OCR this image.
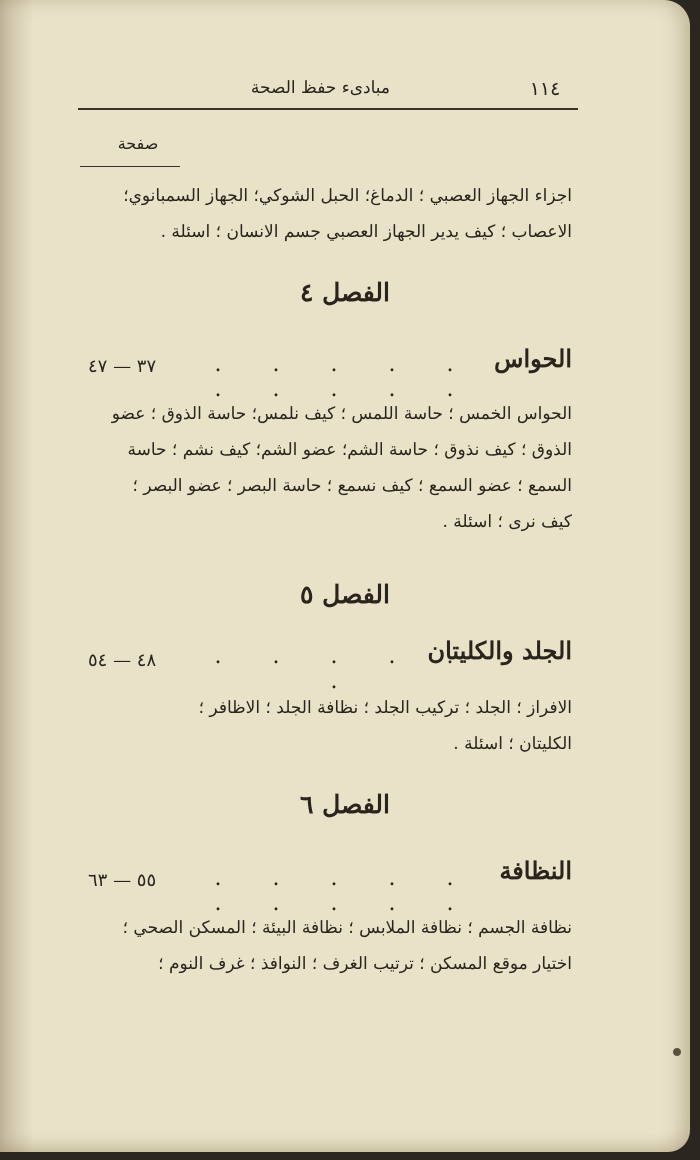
مبادیء حفظ الصحة	١١٤
صفحة

اجزاء الجهاز العصبي ؛ الدماغ؛ الحبل الشوكي؛ الجهاز السمبانوي؛

الاعصاب ؛ كيف يدير الجهاز العصبي جسم الانسان ؛ اسئلة .

الفصل ٤
الحواس
. . . . . . . . . .
٣٧ — ٤٧

الحواس الخمس ؛ حاسة اللمس ؛ كيف نلمس؛ حاسة الذوق ؛ عضو

الذوق ؛ كيف نذوق ؛ حاسة الشم؛ عضو الشم؛ كيف نشم ؛ حاسة

السمع ؛ عضو السمع ؛ كيف نسمع ؛ حاسة البصر ؛ عضو البصر ؛

كيف نرى ؛ اسئلة .

الفصل ٥
الجلد والكليتان
. . . . . .
٤٨ — ٥٤

الافراز ؛ الجلد ؛ تركيب الجلد ؛ نظافة الجلد ؛ الاظافر ؛

الكليتان ؛ اسئلة .

الفصل ٦
النظافة
. . . . . . . . . .
٥٥ — ٦٣

نظافة الجسم ؛ نظافة الملابس ؛ نظافة البيئة ؛ المسكن الصحي ؛

اختيار موقع المسكن ؛ ترتيب الغرف ؛ النوافذ ؛ غرف النوم ؛
